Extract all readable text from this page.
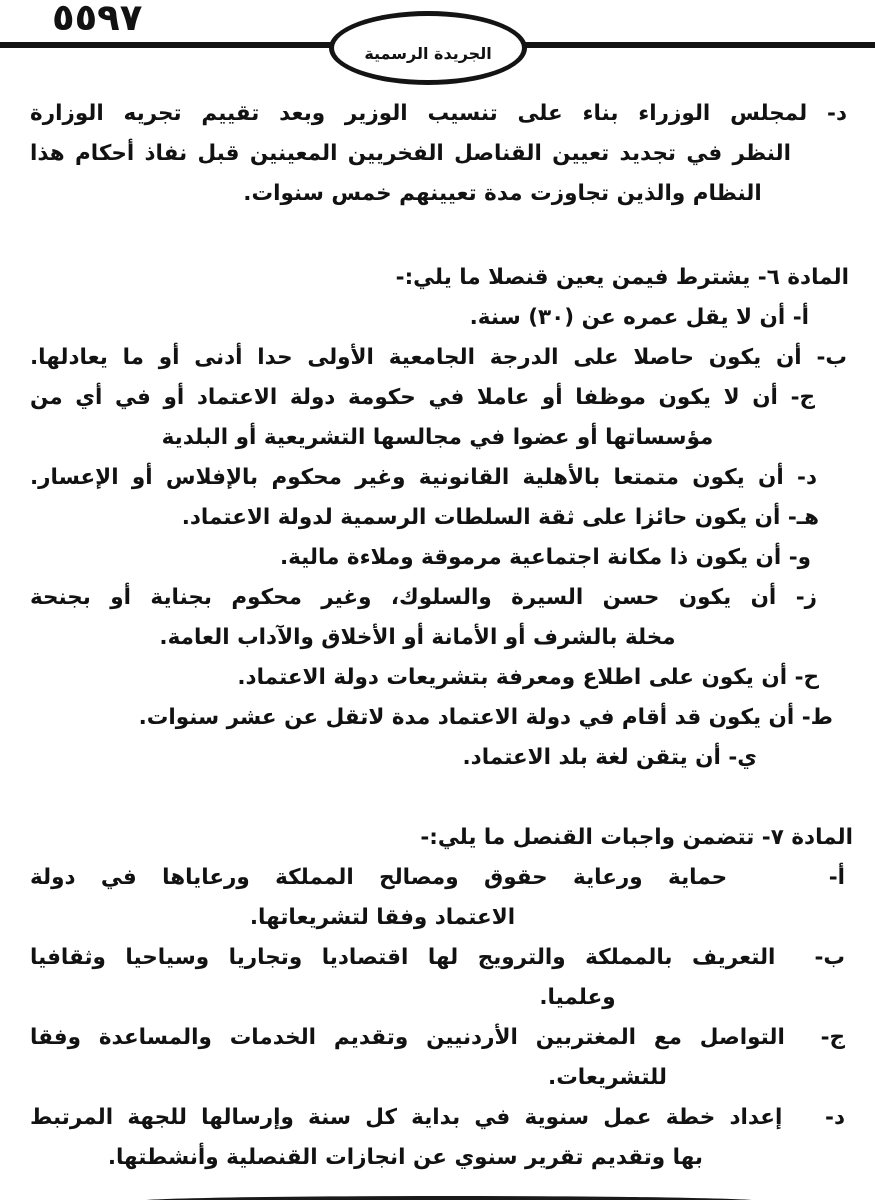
٥٥٩٧
الجريدة الرسمية
د- لمجلس الوزراء بناء على تنسيب الوزير وبعد تقييم تجريه الوزارة
النظر في تجديد تعيين القناصل الفخريين المعينين قبل نفاذ أحكام هذا
النظام والذين تجاوزت مدة تعيينهم خمس سنوات.
المادة ٦- يشترط فيمن يعين قنصلا ما يلي:-
أ- أن لا يقل عمره عن (٣٠) سنة.
ب- أن يكون حاصلا على الدرجة الجامعية الأولى حدا أدنى أو ما يعادلها.
ج- أن لا يكون موظفا أو عاملا في حكومة دولة الاعتماد أو في أي من
مؤسساتها أو عضوا في مجالسها التشريعية أو البلدية
د- أن يكون متمتعا بالأهلية القانونية وغير محكوم بالإفلاس أو الإعسار.
هـ- أن يكون حائزا على ثقة السلطات الرسمية لدولة الاعتماد.
و- أن يكون ذا مكانة اجتماعية مرموقة وملاءة مالية.
ز- أن يكون حسن السيرة والسلوك، وغير محكوم بجناية أو بجنحة
مخلة بالشرف أو الأمانة أو الأخلاق والآداب العامة.
ح- أن يكون على اطلاع ومعرفة بتشريعات دولة الاعتماد.
ط- أن يكون قد أقام في دولة الاعتماد مدة لاتقل عن عشر سنوات.
ي- أن يتقن لغة بلد الاعتماد.
المادة ٧- تتضمن واجبات القنصل ما يلي:-
أ-    حماية ورعاية حقوق ومصالح المملكة ورعاياها في دولة
الاعتماد وفقا لتشريعاتها.
ب-  التعريف بالمملكة والترويج لها اقتصاديا وتجاريا وسياحيا وثقافيا
وعلميا.
ج-  التواصل مع المغتربين الأردنيين وتقديم الخدمات والمساعدة وفقا
للتشريعات.
د-   إعداد خطة عمل سنوية في بداية كل سنة وإرسالها للجهة المرتبط
بها وتقديم تقرير سنوي عن انجازات القنصلية وأنشطتها.
